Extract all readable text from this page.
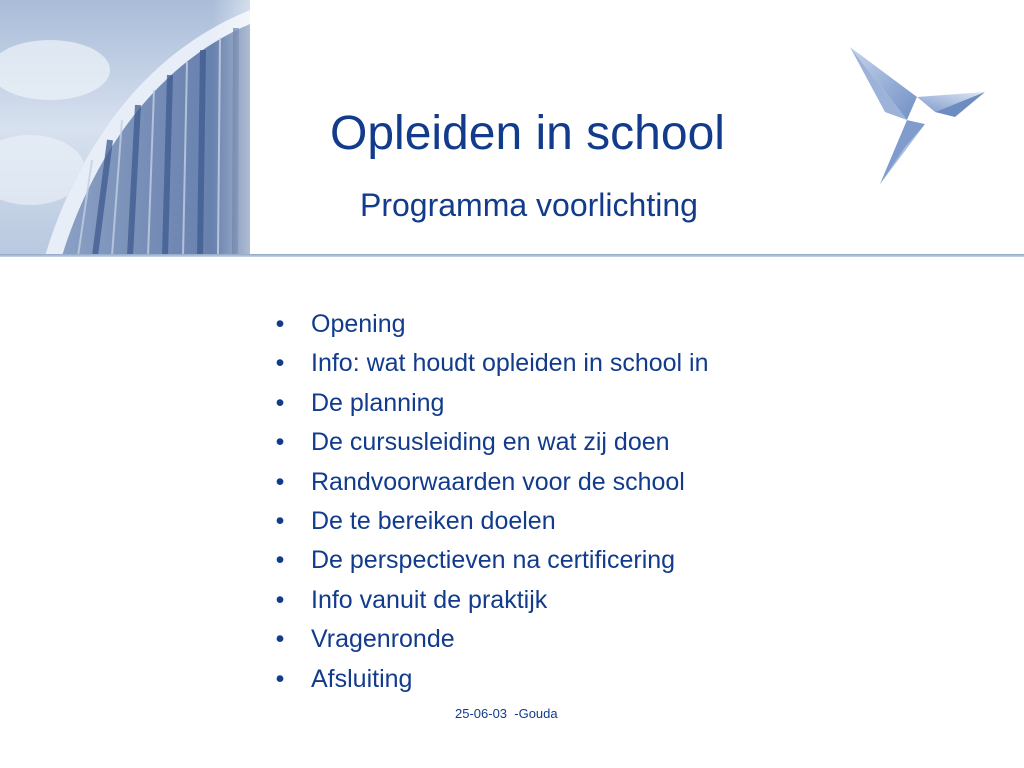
Opleiden in school
Programma voorlichting
• Opening
• Info: wat houdt opleiden in school in
• De planning
• De cursusleiding en wat zij doen
• Randvoorwaarden voor de school
• De te bereiken doelen
• De perspectieven na certificering
• Info vanuit de praktijk
• Vragenronde
• Afsluiting
25-06-03  -Gouda
